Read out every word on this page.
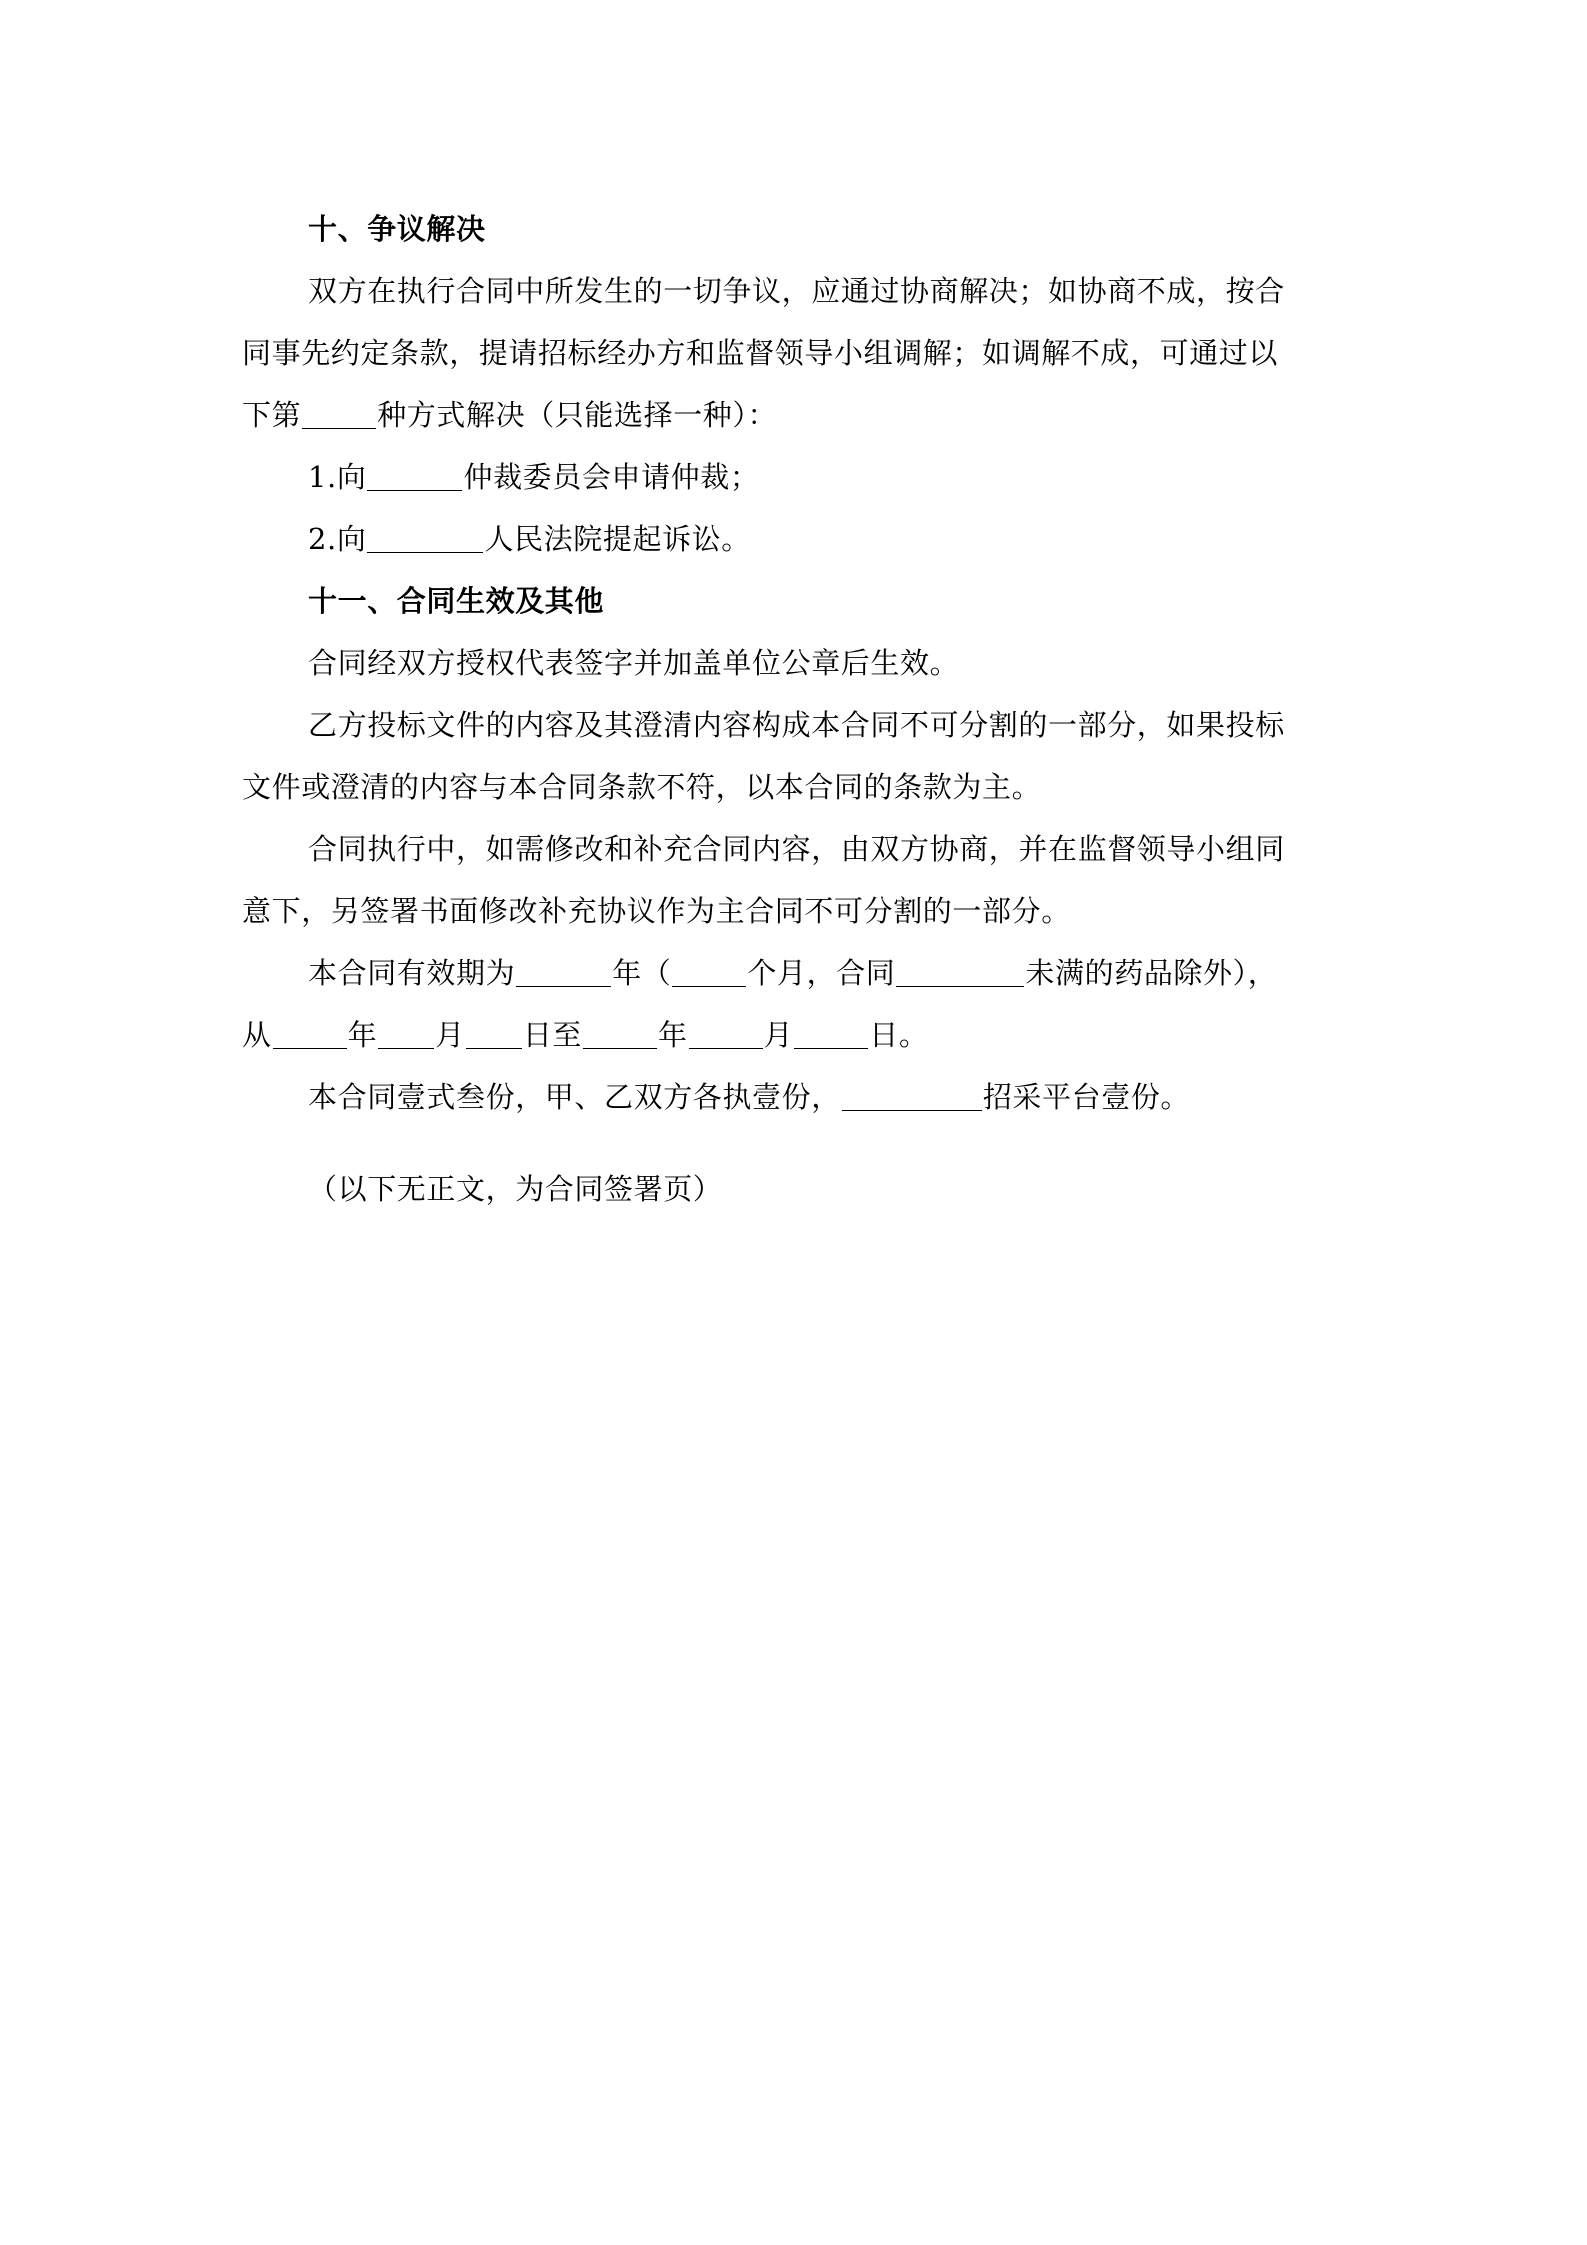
十、争议解决
双方在执行合同中所发生的一切争议，应通过协商解决；如协商不成，按合
同事先约定条款，提请招标经办方和监督领导小组调解；如调解不成，可通过以
下第	种方式解决（只能选择一种）：
1.向	仲裁委员会申请仲裁；
2.向	人民法院提起诉讼。
十一、合同生效及其他
合同经双方授权代表签字并加盖单位公章后生效。
乙方投标文件的内容及其澄清内容构成本合同不可分割的一部分，如果投标
文件或澄清的内容与本合同条款不符，以本合同的条款为主。
合同执行中，如需修改和补充合同内容，由双方协商，并在监督领导小组同
意下，另签署书面修改补充协议作为主合同不可分割的一部分。
本合同有效期为	年（	个月，合同	未满的药品除外），
从	年 月 日至	年	月	日。
本合同壹式叁份，甲、乙双方各执壹份，	招采平台壹份。
（以下无正文，为合同签署页）
